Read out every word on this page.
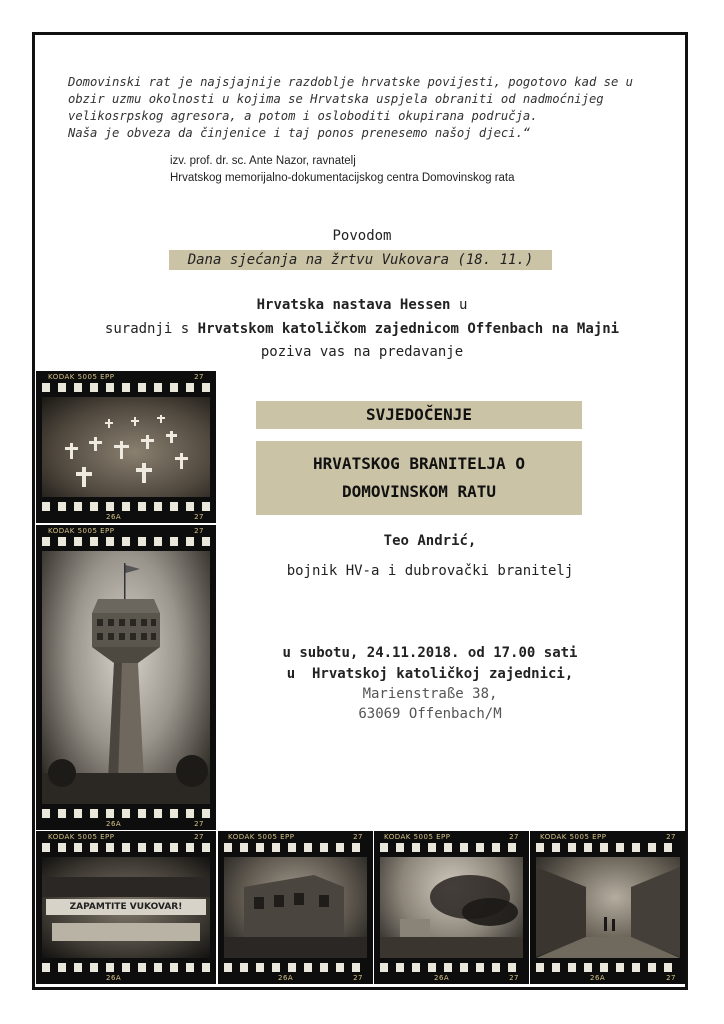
Domovinski rat je najsjajnije razdoblje hrvatske povijesti, pogotovo kad se u
obzir uzmu okolnosti u kojima se Hrvatska uspjela obraniti od nadmoćnijeg
velikosrpskog agresora, a potom i osloboditi okupirana područja.
Naša je obveza da činjenice i taj ponos prenesemo našoj djeci.“
izv. prof. dr. sc. Ante Nazor, ravnatelj
Hrvatskog memorijalno-dokumentacijskog centra Domovinskog rata
Povodom
Dana sjećanja na žrtvu Vukovara (18. 11.)
Hrvatska nastava Hessen u
suradnji s Hrvatskom katoličkom zajednicom Offenbach na Majni
poziva vas na predavanje
SVJEDOČENJE
HRVATSKOG BRANITELJA O
DOMOVINSKOM RATU
Teo Andrić,
bojnik HV-a i dubrovački branitelj
u subotu, 24.11.2018. od 17.00 sati
u Hrvatskoj katoličkoj zajednici,
Marienstraße 38,
63069 Offenbach/M
KODAK 5005 EPP	27
26A	27
KODAK 5005 EPP	27
26A	27
KODAK 5005 EPP	27
ZAPAMTITE VUKOVAR!
26A
KODAK 5005 EPP	27
26A	27
KODAK 5005 EPP	27
26A	27
KODAK 5005 EPP	27
26A	27
